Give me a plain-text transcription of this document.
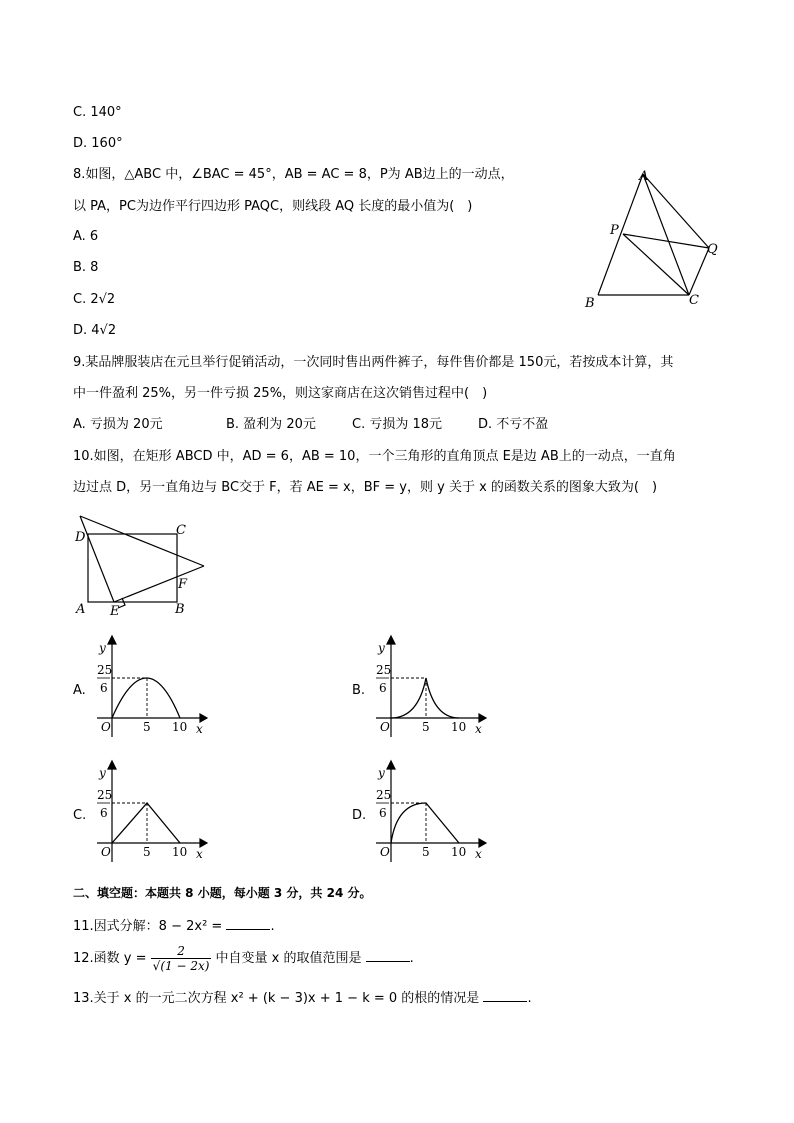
C. 140°
D. 160°
8.如图，△ABC 中，∠BAC = 45°，AB = AC = 8，P为 AB边上的一动点，
以 PA，PC为边作平行四边形 PAQC，则线段 AQ 长度的最小值为(　)
A. 6
B. 8
C. 2√2
D. 4√2
A
P
Q
B	C
9.某品牌服装店在元旦举行促销活动，一次同时售出两件裤子，每件售价都是 150元，若按成本计算，其
中一件盈利 25%，另一件亏损 25%，则这家商店在这次销售过程中(　)
A. 亏损为 20元	B. 盈利为 20元	C. 亏损为 18元	D. 不亏不盈
10.如图，在矩形 ABCD 中，AD = 6，AB = 10，一个三角形的直角顶点 E是边 AB上的一动点，一直角
边过点 D，另一直角边与 BC交于 F，若 AE = x，BF = y，则 y 关于 x 的函数关系的图象大致为(　)
D	C
F
A E	B
A.
y
25
6
O	5 10 x
B.
y
25
6
O	5 10 x
C.
y
25
6
O	5 10 x
D.
y
25
6
O	5 10 x
二、填空题：本题共 8 小题，每小题 3 分，共 24 分。
11.因式分解：8 − 2x² =	.
12.函数 $y = \frac{2}{√(1 - 2x)}$ 中自变量 x 的取值范围是	.
13.关于 x 的一元二次方程 x² + (k − 3)x + 1 − k = 0 的根的情况是	.
